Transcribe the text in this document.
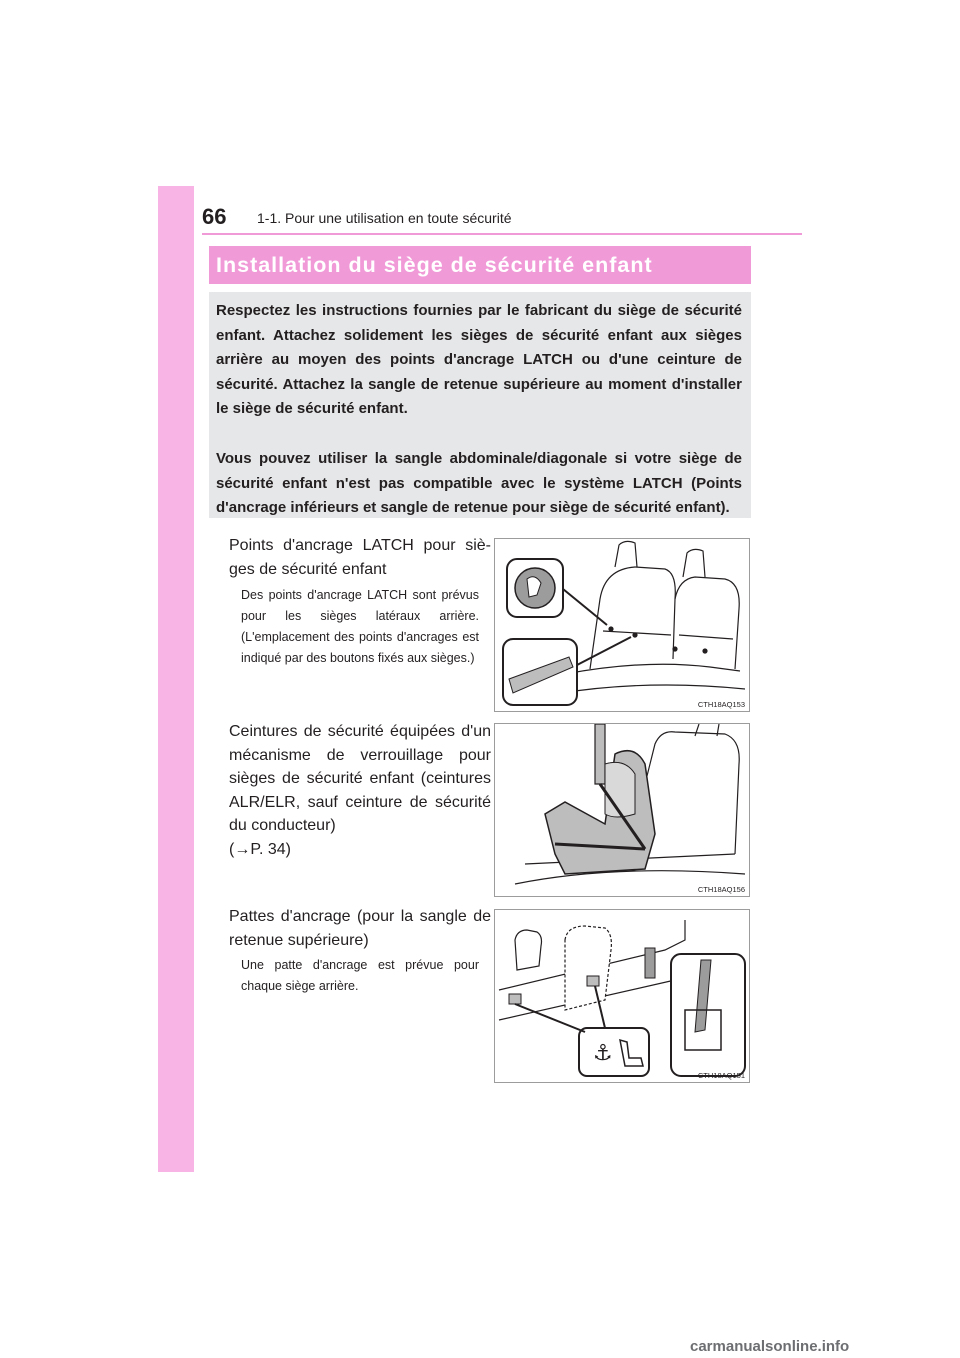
66 1-1. Pour une utilisation en toute sécurité
Installation du siège de sécurité enfant

Respectez les instructions fournies par le fabricant du siège de sécurité enfant. Attachez solidement les sièges de sécurité enfant aux sièges arrière au moyen des points d'ancrage LATCH ou d'une ceinture de sécurité. Attachez la sangle de retenue supérieure au moment d'installer le siège de sécurité enfant.

Vous pouvez utiliser la sangle abdominale/diagonale si votre siège de sécurité enfant n'est pas compatible avec le système LATCH (Points d'ancrage inférieurs et sangle de retenue pour siège de sécurité enfant).

Points d'ancrage LATCH pour siè-ges de sécurité enfant

Des points d'ancrage LATCH sont prévus pour les sièges latéraux arrière. (L'emplacement des points d'ancrages est indiqué par des boutons fixés aux sièges.)

CTH18AQ153

Ceintures de sécurité équipées d'un mécanisme de verrouillage pour sièges de sécurité enfant (ceintures ALR/ELR, sauf ceinture de sécurité du conducteur)

(→P. 34)

CTH18AQ156

Pattes d'ancrage (pour la sangle de retenue supérieure)

Une patte d'ancrage est prévue pour chaque siège arrière.

⚓
CTH18AQ151
carmanualsonline.info
